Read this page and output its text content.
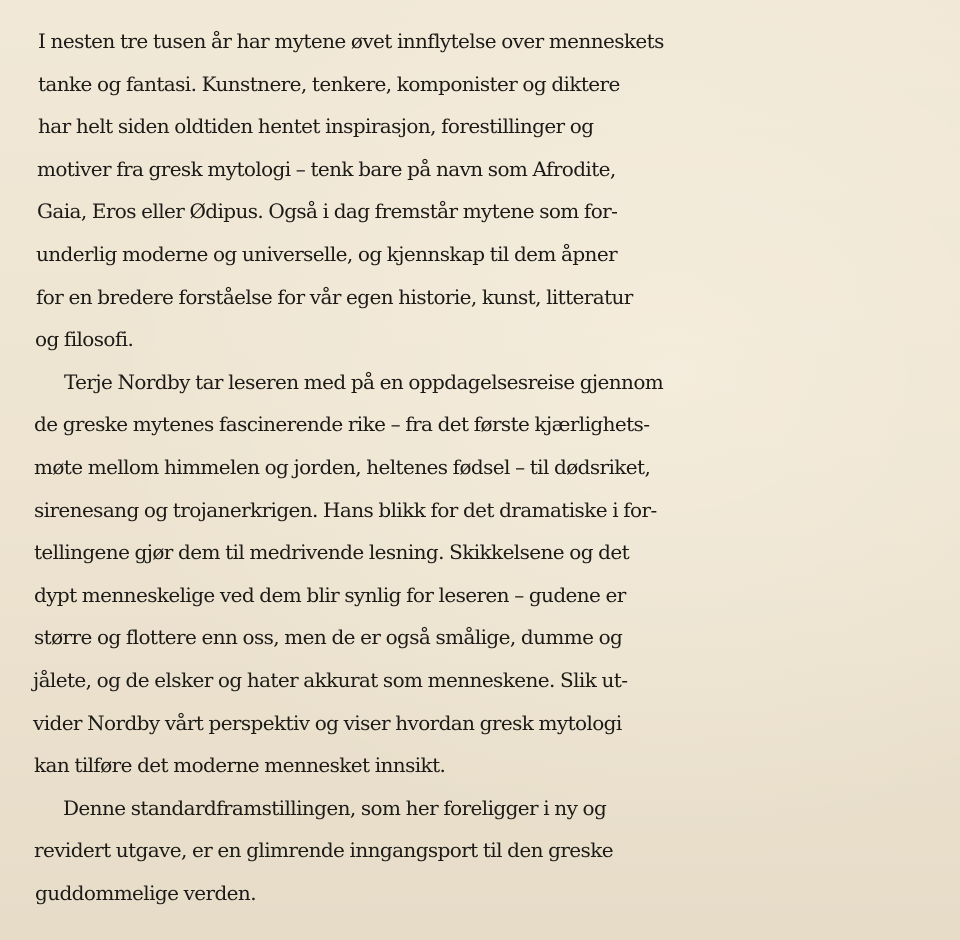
I nesten tre tusen år har mytene øvet innflytelse over menneskets
tanke og fantasi. Kunstnere, tenkere, komponister og diktere
har helt siden oldtiden hentet inspirasjon, forestillinger og
motiver fra gresk mytologi – tenk bare på navn som Afrodite,
Gaia, Eros eller Ødipus. Også i dag fremstår mytene som for-
underlig moderne og universelle, og kjennskap til dem åpner
for en bredere forståelse for vår egen historie, kunst, litteratur
og filosofi.
Terje Nordby tar leseren med på en oppdagelsesreise gjennom
de greske mytenes fascinerende rike – fra det første kjærlighets-
møte mellom himmelen og jorden, heltenes fødsel – til dødsriket,
sirenesang og trojanerkrigen. Hans blikk for det dramatiske i for-
tellingene gjør dem til medrivende lesning. Skikkelsene og det
dypt menneskelige ved dem blir synlig for leseren – gudene er
større og flottere enn oss, men de er også smålige, dumme og
jålete, og de elsker og hater akkurat som menneskene. Slik ut-
vider Nordby vårt perspektiv og viser hvordan gresk mytologi
kan tilføre det moderne mennesket innsikt.
Denne standardframstillingen, som her foreligger i ny og
revidert utgave, er en glimrende inngangsport til den greske
guddommelige verden.
